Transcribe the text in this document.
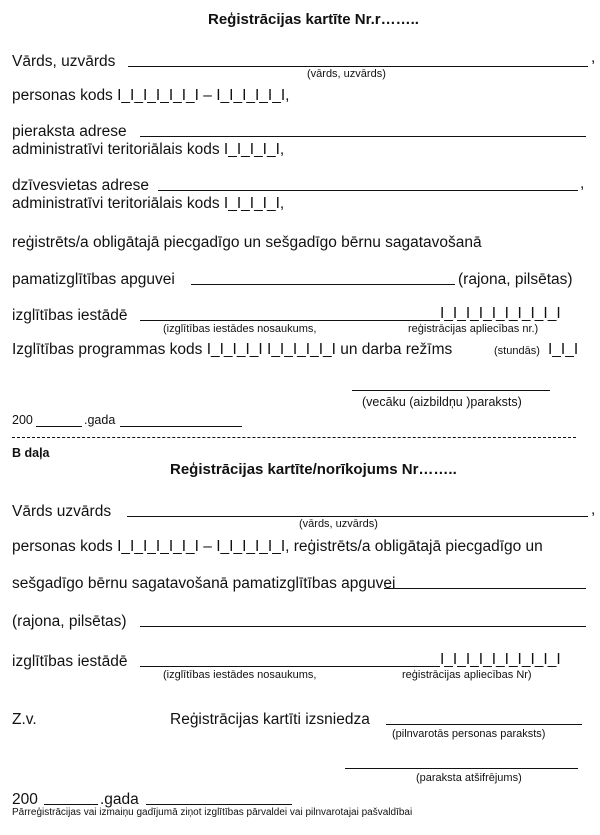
Reģistrācijas kartīte Nr.r……..
Vārds, uzvārds	,
(vārds, uzvārds)
personas kods I_I_I_I_I_I_I – I_I_I_I_I_I,
pieraksta adrese
administratīvi teritoriālais kods I_I_I_I_I,
dzīvesvietas adrese	,
administratīvi teritoriālais kods I_I_I_I_I,
reģistrēts/a obligātajā piecgadīgo un sešgadīgo bērnu sagatavošanā
pamatizglītības apguvei	(rajona, pilsētas)
izglītības iestādē	I_I_I_I_I_I_I_I_I_I
(izglītības iestādes nosaukums,	reģistrācijas apliecības nr.)
Izglītības programmas kods I_I_I_I_I I_I_I_I_I_I un darba režīms	(stundās) I_I_I
(vecāku (aizbildņu )paraksts)
200	.gada
B daļa
Reģistrācijas kartīte/norīkojums Nr……..
Vārds uzvārds	,
(vārds, uzvārds)
personas kods I_I_I_I_I_I_I – I_I_I_I_I_I, reģistrēts/a obligātajā piecgadīgo un
sešgadīgo bērnu sagatavošanā pamatizglītības apguvei
(rajona, pilsētas)
izglītības iestādē	I_I_I_I_I_I_I_I_I_I
(izglītības iestādes nosaukums,	reģistrācijas apliecības Nr)
Z.v.	Reģistrācijas kartīti izsniedza
(pilnvarotās personas paraksts)
(paraksta atšifrējums)
200	.gada
Pārreģistrācijas vai izmaiņu gadījumā ziņot izglītības pārvaldei vai pilnvarotajai pašvaldībai
